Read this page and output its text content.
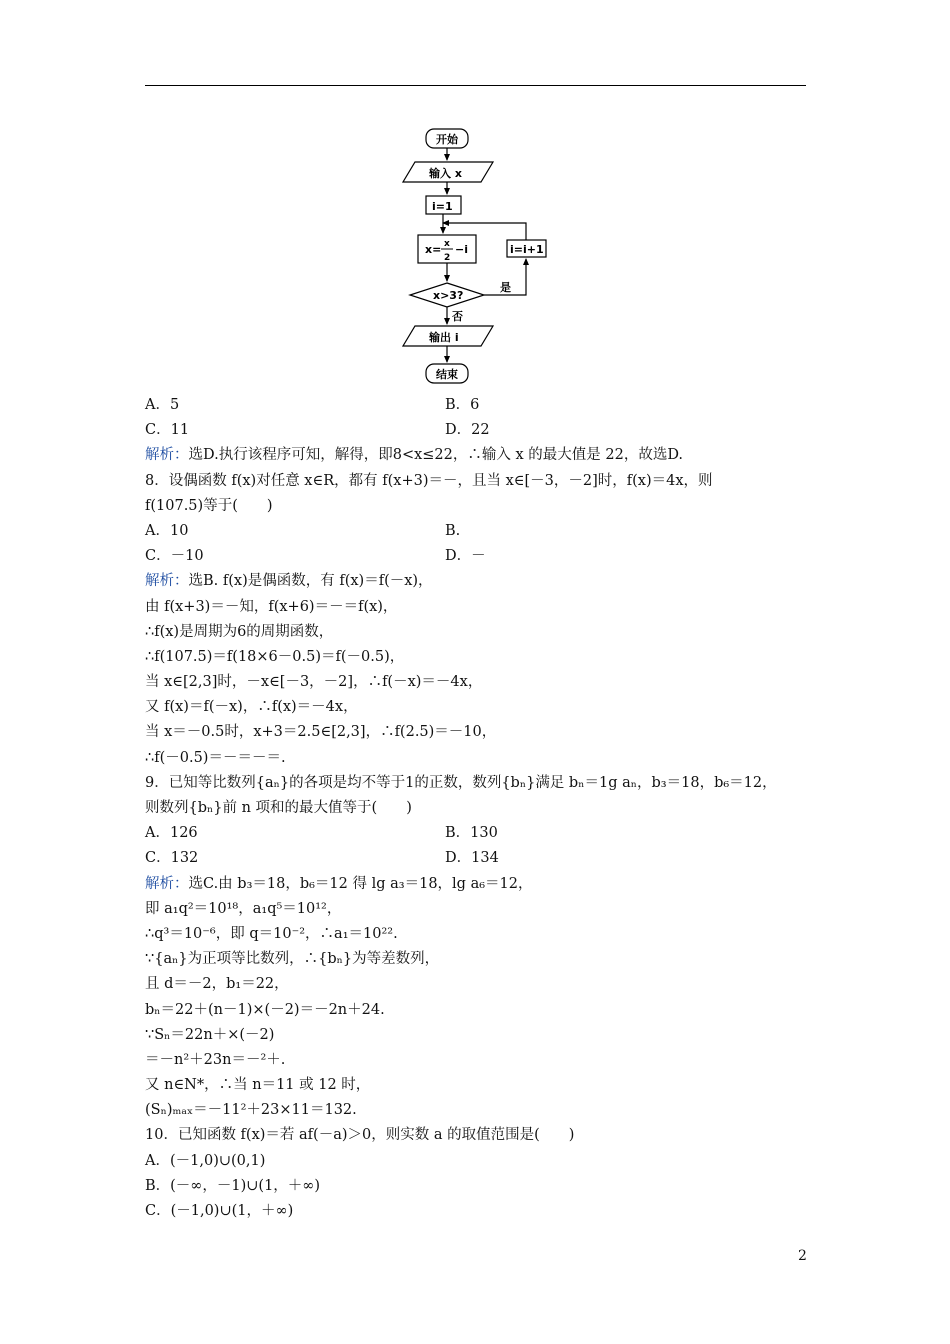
开始
输入 x
i=1
x= x
2
−i	i=i+1
x>3?
是
否
输出 i
结束
A．5	B．6
C．11	D．22
解析：选D.执行该程序可知，解得，即8<x≤22，∴输入 x 的最大值是 22，故选D.
8．设偶函数 f(x)对任意 x∈R，都有 f(x+3)＝－，且当 x∈[－3，－2]时，f(x)＝4x，则
f(107.5)等于(　　)
A．10	B.
C．－10	D．－
解析：选B. f(x)是偶函数，有 f(x)＝f(－x)，
由 f(x+3)＝－知，f(x+6)＝－＝f(x)，
∴f(x)是周期为6的周期函数，
∴f(107.5)＝f(18×6－0.5)＝f(－0.5)，
当 x∈[2,3]时，－x∈[－3，－2]，∴f(－x)＝－4x，
又 f(x)＝f(－x)，∴f(x)＝－4x，
当 x＝－0.5时，x+3＝2.5∈[2,3]，∴f(2.5)＝－10，
∴f(－0.5)＝－＝－＝.
9．已知等比数列{aₙ}的各项是均不等于1的正数，数列{bₙ}满足 bₙ＝1g aₙ，b₃＝18，b₆＝12，
则数列{bₙ}前 n 项和的最大值等于(　　)
A．126	B．130
C．132	D．134
解析：选C.由 b₃＝18，b₆＝12 得 lg a₃＝18，lg a₆＝12，
即 a₁q²＝10¹⁸，a₁q⁵＝10¹²，
∴q³＝10⁻⁶，即 q＝10⁻²，∴a₁＝10²².
∵{aₙ}为正项等比数列，∴{bₙ}为等差数列，
且 d＝－2，b₁＝22，
bₙ＝22＋(n－1)×(－2)＝－2n＋24.
∵Sₙ＝22n＋×(－2)
＝－n²＋23n＝－²＋.
又 n∈N*，∴当 n＝11 或 12 时，
(Sₙ)ₘₐₓ＝－11²＋23×11＝132.
10．已知函数 f(x)＝若 af(－a)＞0，则实数 a 的取值范围是(　　)
A．(－1,0)∪(0,1)
B．(－∞，－1)∪(1，＋∞)
C．(－1,0)∪(1，＋∞)
2
